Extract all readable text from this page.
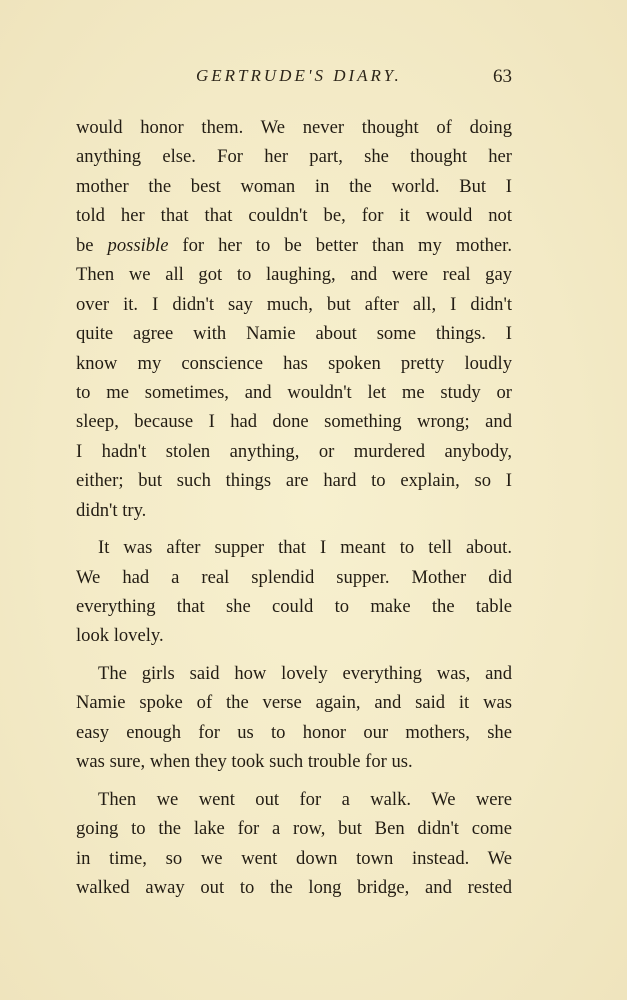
GERTRUDE'S DIARY.	63
would honor them. We never thought of doing
anything else. For her part, she thought her
mother the best woman in the world. But I
told her that that couldn't be, for it would not
be possible for her to be better than my mother.
Then we all got to laughing, and were real gay
over it. I didn't say much, but after all, I didn't
quite agree with Namie about some things. I
know my conscience has spoken pretty loudly
to me sometimes, and wouldn't let me study or
sleep, because I had done something wrong; and
I hadn't stolen anything, or murdered anybody,
either; but such things are hard to explain, so I
didn't try.
It was after supper that I meant to tell about.
We had a real splendid supper. Mother did
everything that she could to make the table
look lovely.
The girls said how lovely everything was, and
Namie spoke of the verse again, and said it was
easy enough for us to honor our mothers, she
was sure, when they took such trouble for us.
Then we went out for a walk. We were
going to the lake for a row, but Ben didn't come
in time, so we went down town instead. We
walked away out to the long bridge, and rested
